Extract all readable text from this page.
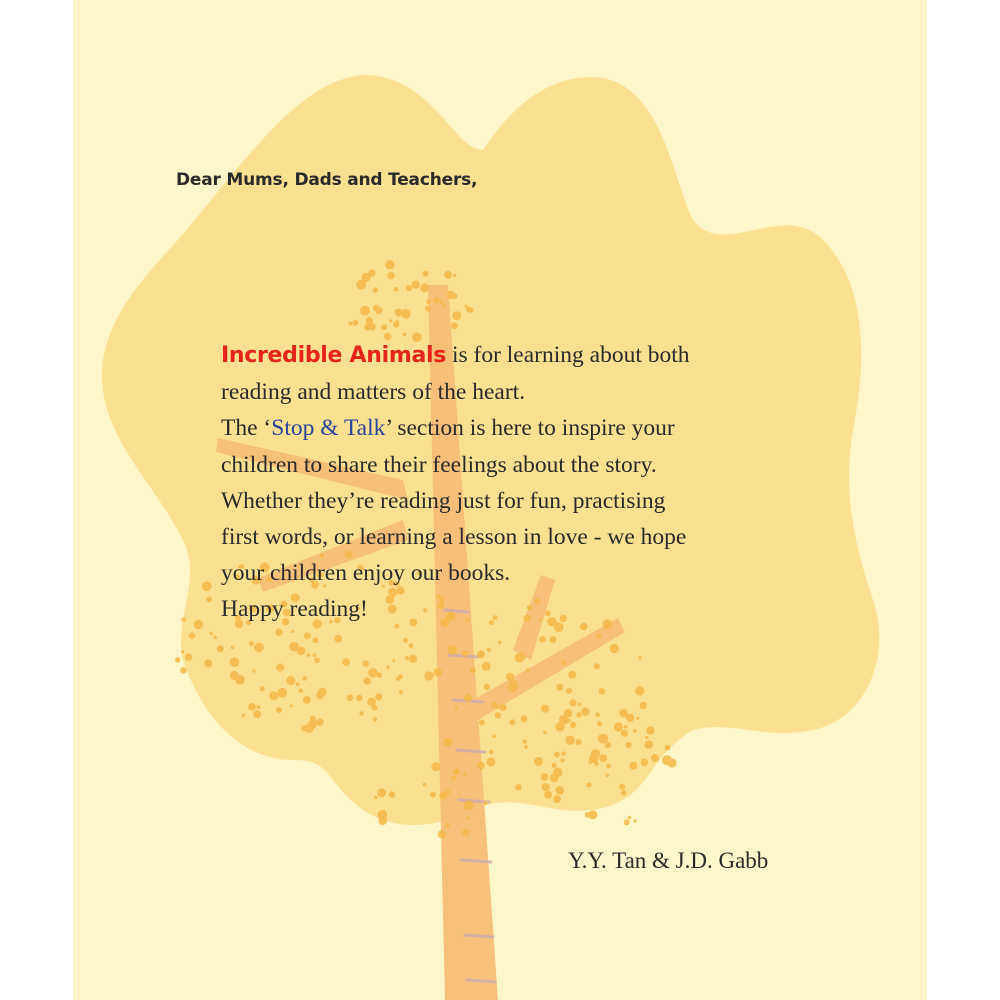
Dear Mums, Dads and Teachers,
Incredible Animals is for learning about both
reading and matters of the heart.
The ‘Stop & Talk’ section is here to inspire your
children to share their feelings about the story.
Whether they’re reading just for fun, practising
first words, or learning a lesson in love - we hope
your children enjoy our books.
Happy reading!
Y.Y. Tan & J.D. Gabb
